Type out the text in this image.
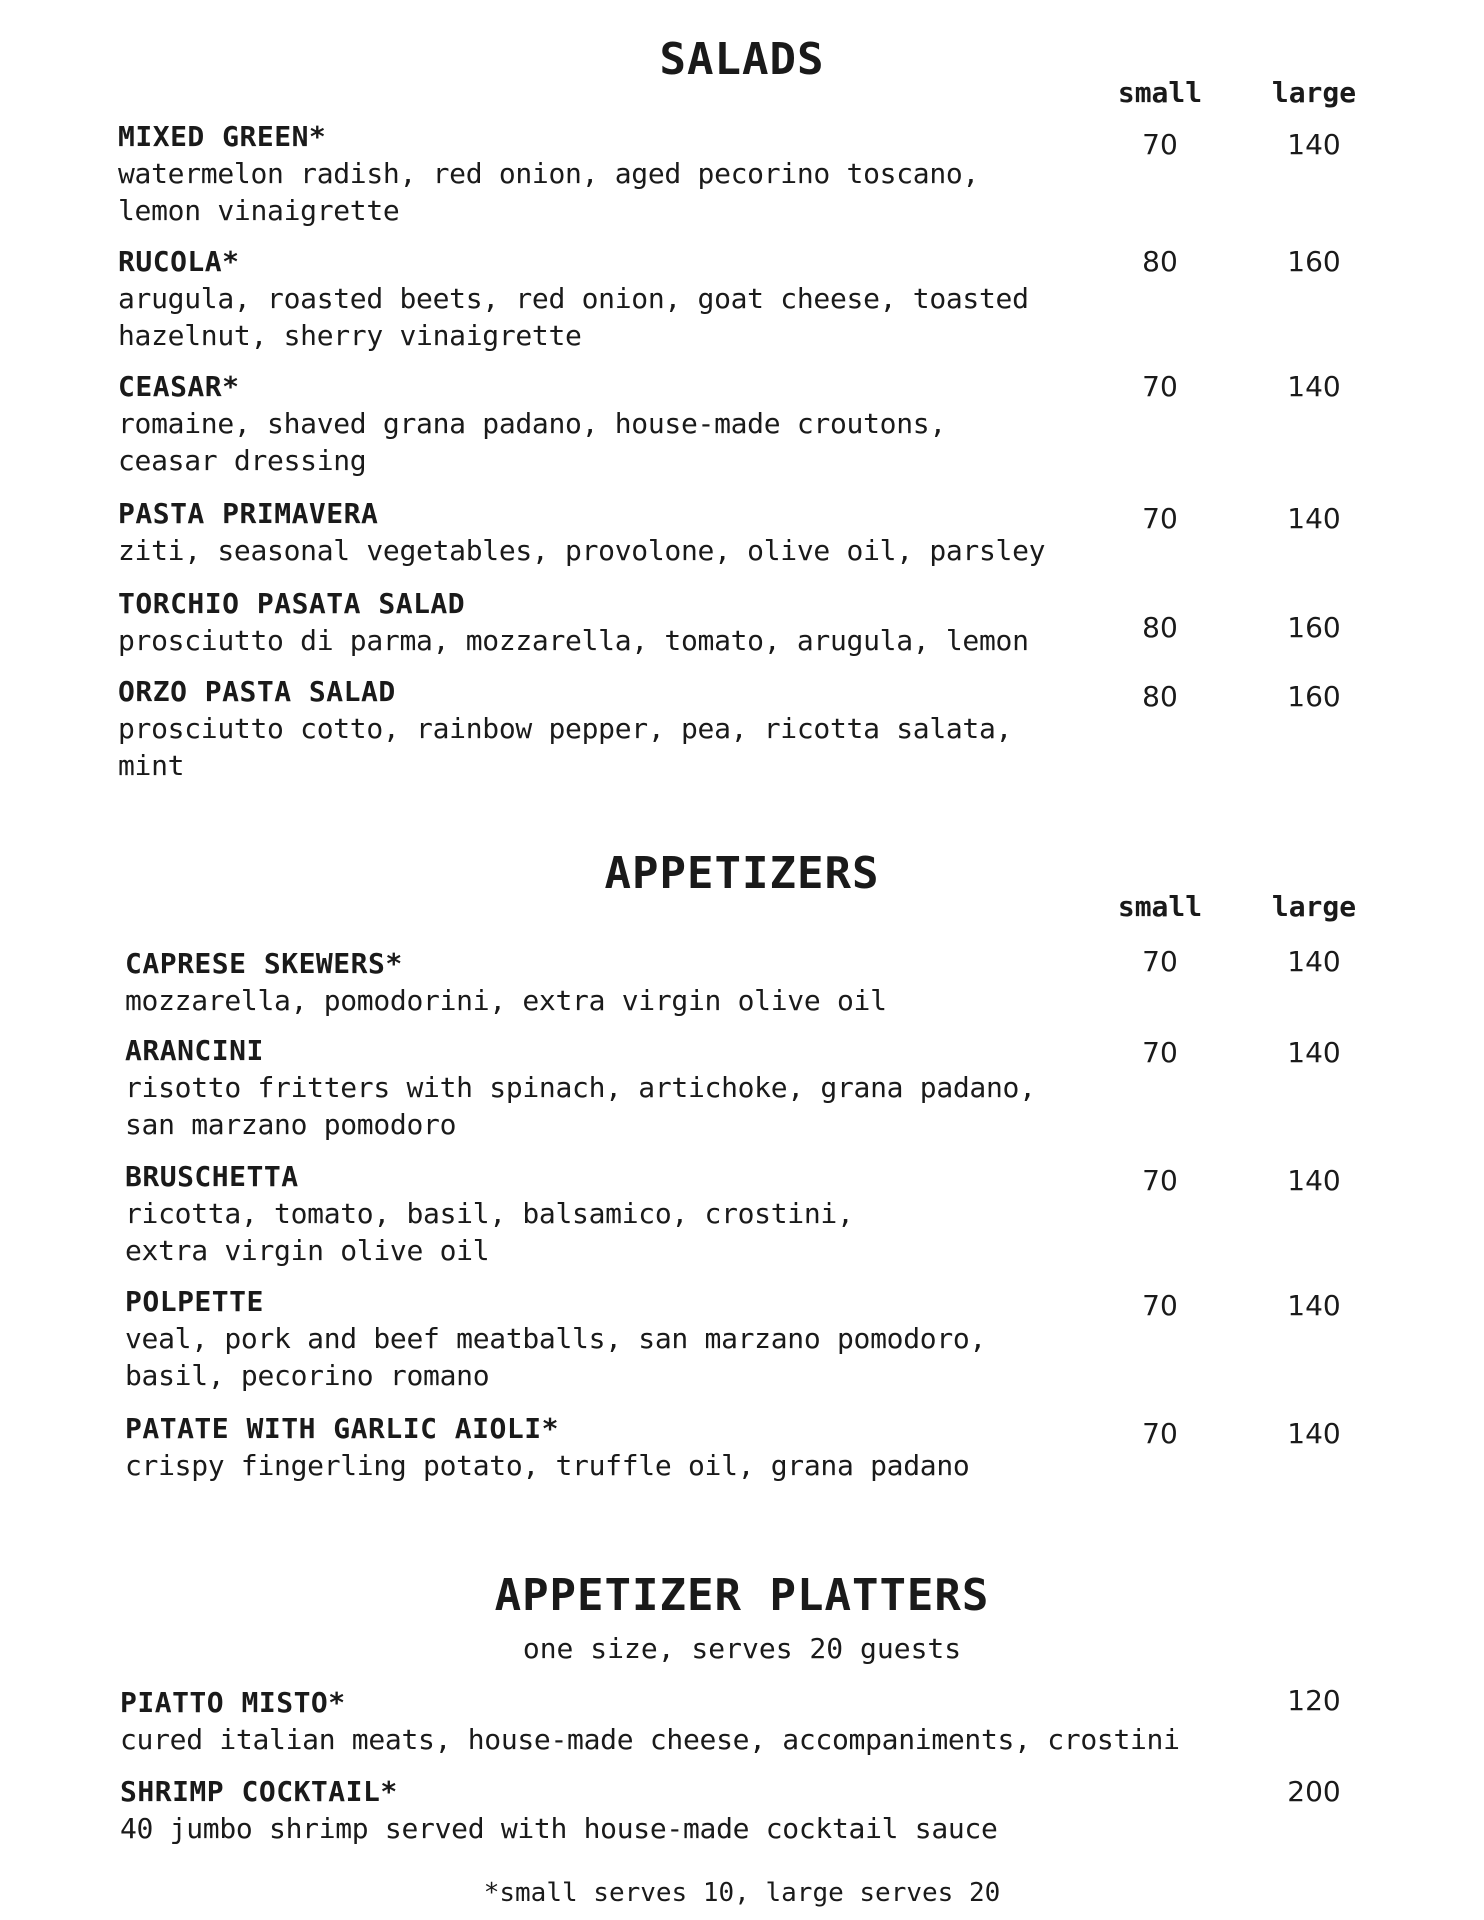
SALADS
small	large
MIXED GREEN*
watermelon radish, red onion, aged pecorino toscano,
lemon vinaigrette
70	140
RUCOLA*
arugula, roasted beets, red onion, goat cheese, toasted
hazelnut, sherry vinaigrette
80	160
CEASAR*
romaine, shaved grana padano, house-made croutons,
ceasar dressing
70	140
PASTA PRIMAVERA
ziti, seasonal vegetables, provolone, olive oil, parsley
70	140
TORCHIO PASATA SALAD
prosciutto di parma, mozzarella, tomato, arugula, lemon	80	160
ORZO PASTA SALAD
prosciutto cotto, rainbow pepper, pea, ricotta salata, mint
80	160
APPETIZERS
small	large
CAPRESE SKEWERS*
mozzarella, pomodorini, extra virgin olive oil
70	140
ARANCINI
risotto fritters with spinach, artichoke, grana padano,
san marzano pomodoro
70	140
BRUSCHETTA
ricotta, tomato, basil, balsamico, crostini,
extra virgin olive oil
70	140
POLPETTE
veal, pork and beef meatballs, san marzano pomodoro,
basil, pecorino romano
70	140
PATATE WITH GARLIC AIOLI*
crispy fingerling potato, truffle oil, grana padano
70	140
APPETIZER PLATTERS
one size, serves 20 guests
PIATTO MISTO*
cured italian meats, house-made cheese, accompaniments, crostini
120
SHRIMP COCKTAIL*
40 jumbo shrimp served with house-made cocktail sauce
200
*small serves 10, large serves 20
